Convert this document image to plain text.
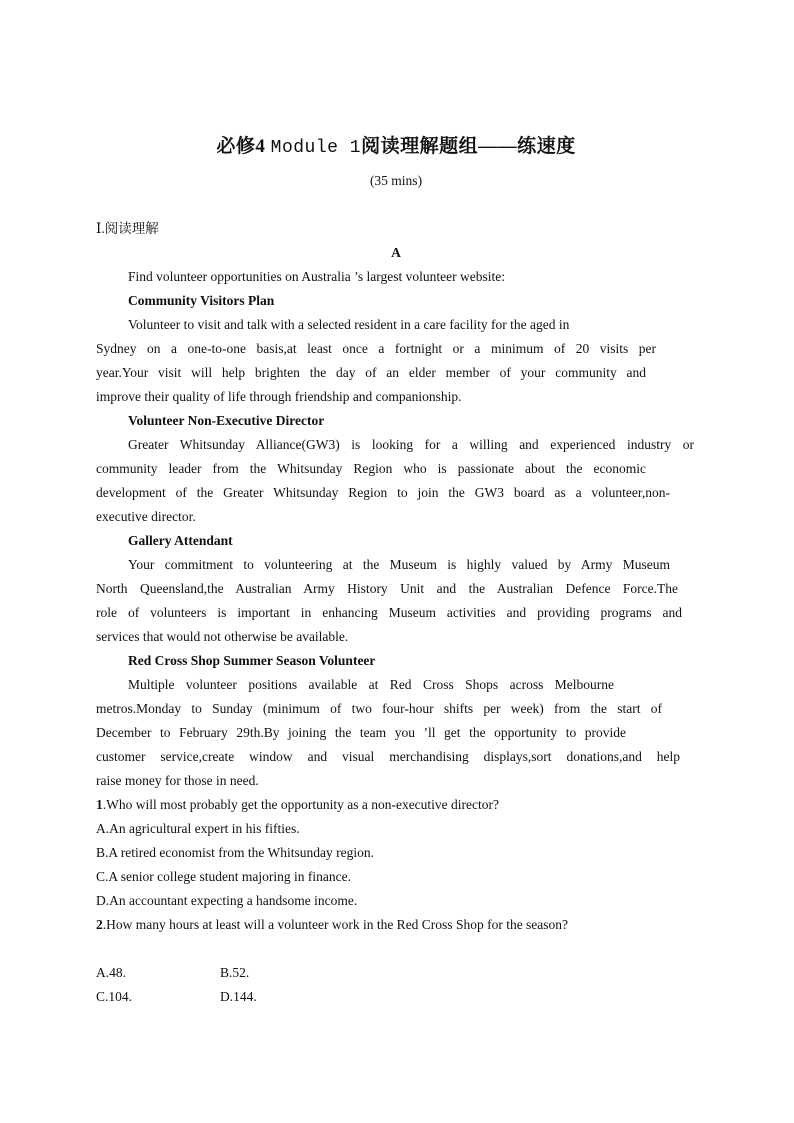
必修4 Module 1阅读理解题组——练速度
(35 mins)
Ⅰ.阅读理解
A
Find volunteer opportunities on Australia ’s largest volunteer website:
Community Visitors Plan
Volunteer to visit and talk with a selected resident in a care facility for the aged in
Sydney on a one-to-one basis,at least once a fortnight or a minimum of 20 visits per
year.Your visit will help brighten the day of an elder member of your community and
improve their quality of life through friendship and companionship.
Volunteer Non-Executive Director
Greater Whitsunday Alliance(GW3) is looking for a willing and experienced industry or
community leader from the Whitsunday Region who is passionate about the economic
development of the Greater Whitsunday Region to join the GW3 board as a volunteer,non-
executive director.
Gallery Attendant
Your commitment to volunteering at the Museum is highly valued by Army Museum
North Queensland,the Australian Army History Unit and the Australian Defence Force.The
role of volunteers is important in enhancing Museum activities and providing programs and
services that would not otherwise be available.
Red Cross Shop Summer Season Volunteer
Multiple volunteer positions available at Red Cross Shops across Melbourne
metros.Monday to Sunday (minimum of two four-hour shifts per week) from the start of
December to February 29th.By joining the team you ’ll get the opportunity to provide
customer service,create window and visual merchandising displays,sort donations,and help
raise money for those in need.
1.Who will most probably get the opportunity as a non-executive director?
A.An agricultural expert in his fifties.
B.A retired economist from the Whitsunday region.
C.A senior college student majoring in finance.
D.An accountant expecting a handsome income.
2.How many hours at least will a volunteer work in the Red Cross Shop for the season?
A.48.	B.52.
C.104.	D.144.
